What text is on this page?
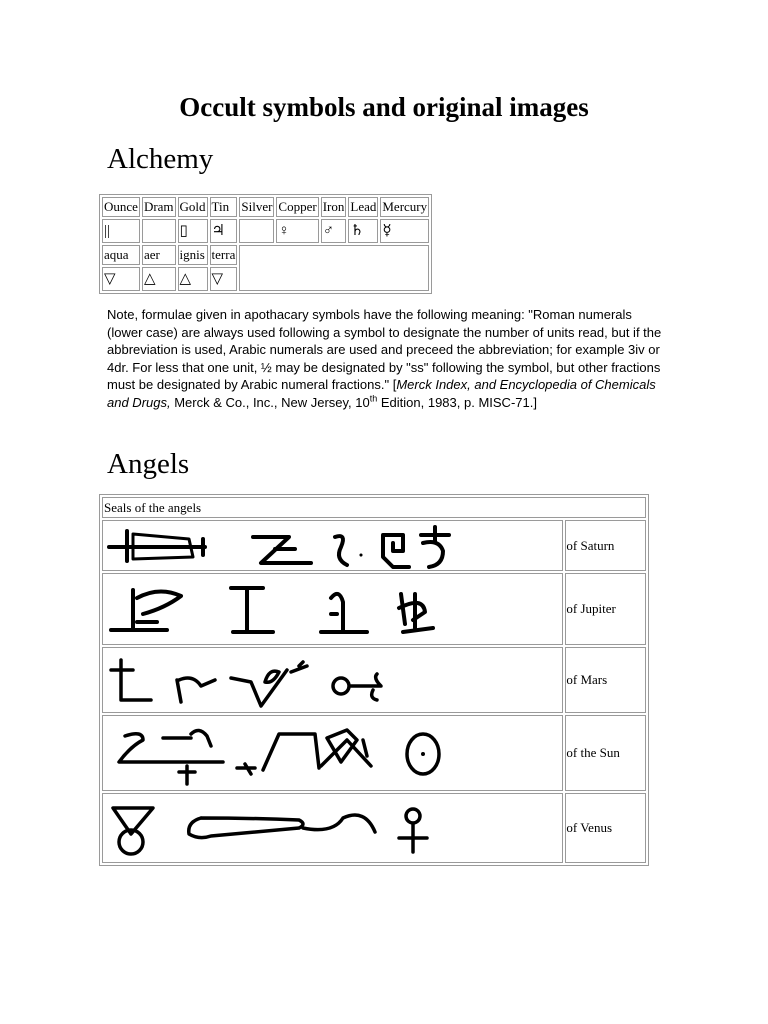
Occult symbols and original images
Alchemy
Ounce	Dram	Gold	Tin	Silver	Copper	Iron	Lead	Mercury
||		▯	♃		♀	♂	♄	☿
aqua	aer	ignis	terra					
▽	△	△	▽					

Note, formulae given in apothacary symbols have the following meaning: "Roman numerals (lower case) are always used following a symbol to designate the number of units read, but if the abbreviation is used, Arabic numerals are used and preceed the abbreviation; for example 3iv or 4dr. For less that one unit, ½ may be designated by "ss" following the symbol, but other fractions must be designated by Arabic numeral fractions." [Merck Index, and Encyclopedia of Chemicals and Drugs, Merck & Co., Inc., New Jersey, 10th Edition, 1983, p. MISC-71.]

Angels
Seals of the angels	

	of Saturn

	of Jupiter

	of Mars

	of the Sun

	of Venus
